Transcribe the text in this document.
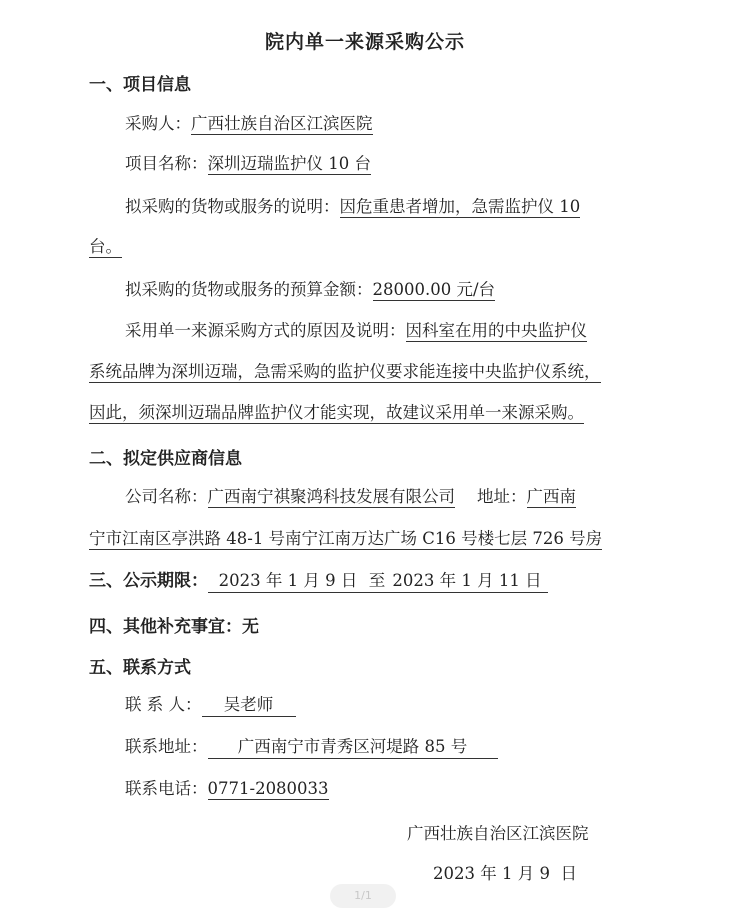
院内单一来源采购公示
一、项目信息
采购人：广西壮族自治区江滨医院
项目名称：深圳迈瑞监护仪 10 台
拟采购的货物或服务的说明：因危重患者增加，急需监护仪 10
台。
拟采购的货物或服务的预算金额：28000.00 元/台
采用单一来源采购方式的原因及说明：因科室在用的中央监护仪
系统品牌为深圳迈瑞，急需采购的监护仪要求能连接中央监护仪系统，
因此，须深圳迈瑞品牌监护仪才能实现，故建议采用单一来源采购。
二、拟定供应商信息
公司名称：广西南宁祺聚鸿科技发展有限公司 地址：广西南
宁市江南区亭洪路 48-1 号南宁江南万达广场 C16 号楼七层 726 号房
三、公示期限： 2023 年 1 月 9 日 至 2023 年 1 月 11 日
四、其他补充事宜：无
五、联系方式
联 系 人： 吴老师
联系地址： 广西南宁市青秀区河堤路 85 号
联系电话：0771-2080033
广西壮族自治区江滨医院
2023 年 1 月 9  日
1/1
